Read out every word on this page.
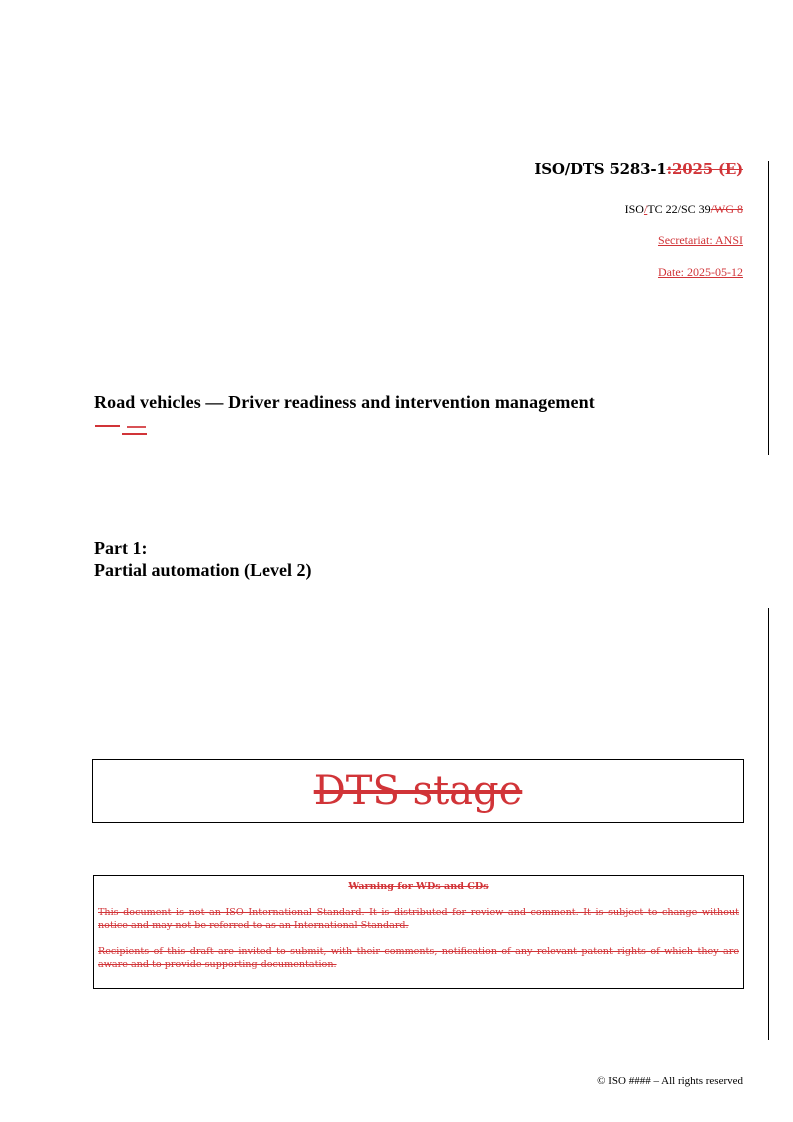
ISO/DTS 5283-1:2025 (E)
ISO/TC 22/SC 39/WG 8
Secretariat: ANSI
Date: 2025-05-12
Road vehicles — Driver readiness and intervention management
Part 1:
Partial automation (Level 2)
DTS stage
Warning for WDs and CDs
This document is not an ISO International Standard. It is distributed for review and comment. It is subject to change without notice and may not be referred to as an International Standard.
Recipients of this draft are invited to submit, with their comments, notification of any relevant patent rights of which they are aware and to provide supporting documentation.
© ISO #### – All rights reserved
